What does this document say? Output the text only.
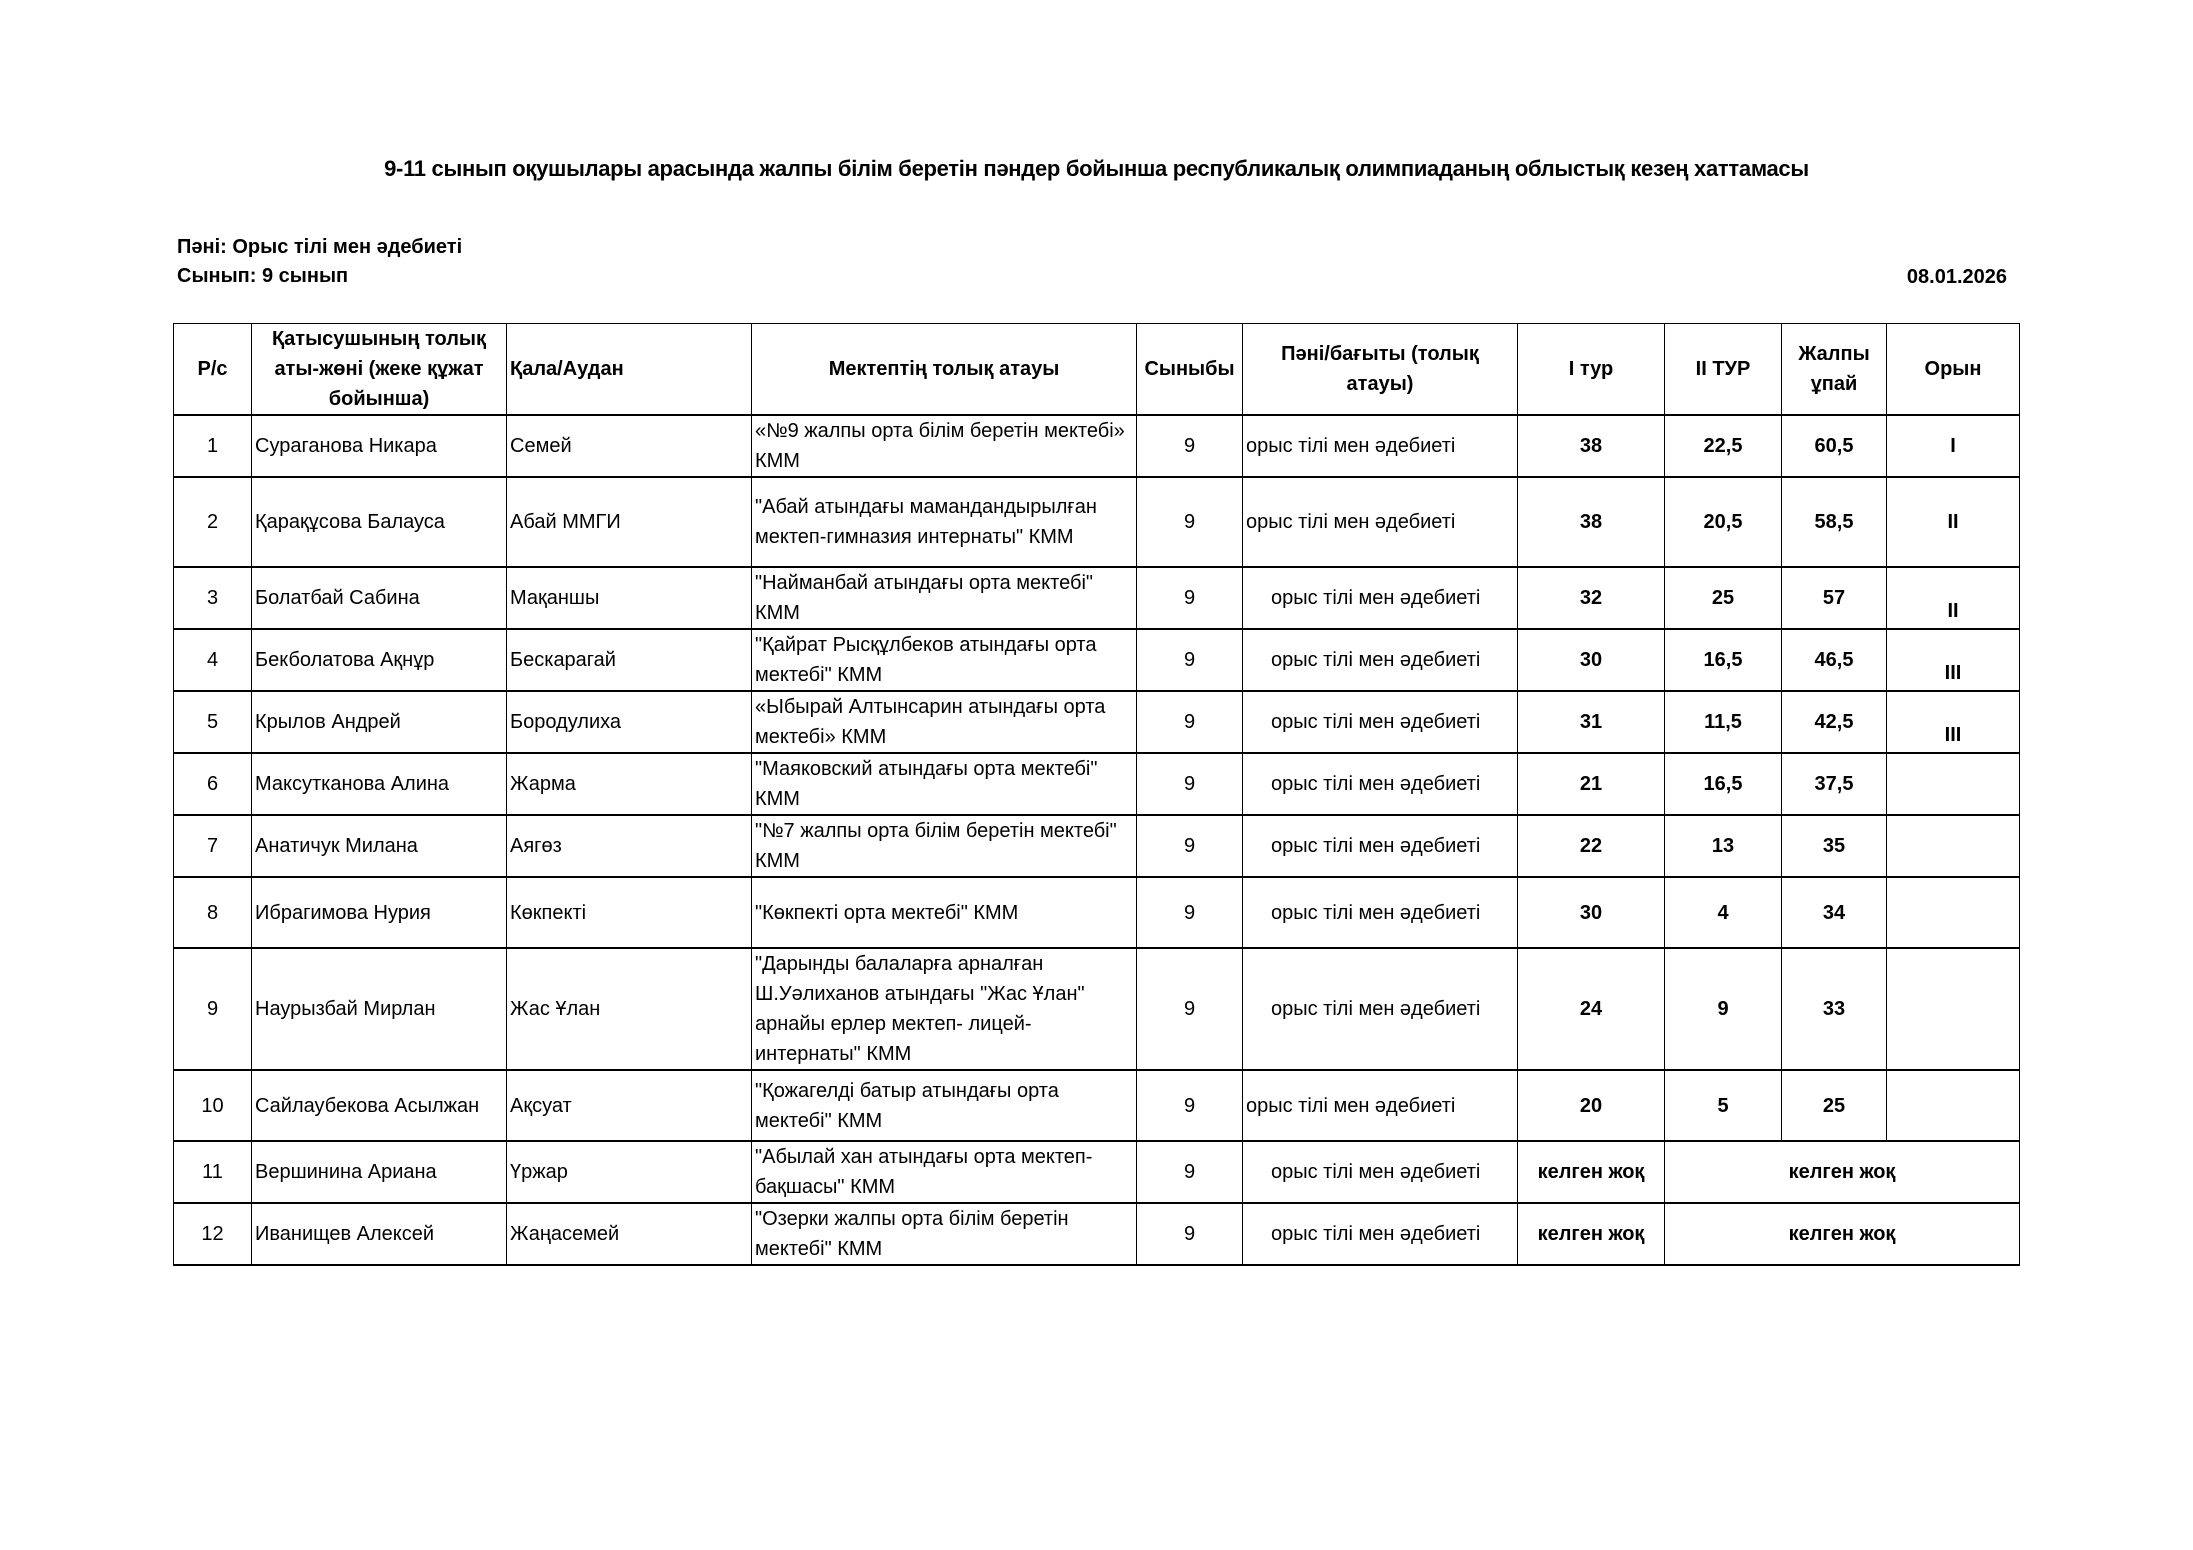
9-11 сынып оқушылары арасында жалпы білім беретін пәндер бойынша республикалық олимпиаданың облыстық кезең хаттамасы
Пәні: Орыс тілі мен әдебиеті
Сынып: 9 сынып	08.01.2026
Р/с	Қатысушының толық аты-жөні (жеке құжат бойынша)	Қала/Аудан	Мектептің толық атауы	Сыныбы	Пәні/бағыты (толық атауы)	I тур	II ТУР	Жалпы ұпай	Орын
1	Сураганова Никара	Семей	«№9 жалпы орта білім беретін мектебі» КММ	9	орыс тілі мен әдебиеті	38	22,5	60,5	I
2	Қарақұсова Балауса	Абай ММГИ	"Абай атындағы мамандандырылған мектеп-гимназия интернаты" КММ	9	орыс тілі мен әдебиеті	38	20,5	58,5	II
3	Болатбай Сабина	Мақаншы	"Найманбай атындағы орта мектебі" КММ	9	орыс тілі мен әдебиеті	32	25	57	II
4	Бекболатова Ақнұр	Бескарагай	"Қайрат Рысқұлбеков атындағы орта мектебі" КММ	9	орыс тілі мен әдебиеті	30	16,5	46,5	III
5	Крылов Андрей	Бородулиха	«Ыбырай Алтынсарин атындағы орта мектебі» КММ	9	орыс тілі мен әдебиеті	31	11,5	42,5	III
6	Максутканова Алина	Жарма	"Маяковский атындағы орта мектебі" КММ	9	орыс тілі мен әдебиеті	21	16,5	37,5	
7	Анатичук Милана	Аягөз	"№7 жалпы орта білім беретін мектебі" КММ	9	орыс тілі мен әдебиеті	22	13	35	
8	Ибрагимова Нурия	Көкпекті	"Көкпекті орта мектебі" КММ	9	орыс тілі мен әдебиеті	30	4	34	
9	Наурызбай Мирлан	Жас Ұлан	"Дарынды балаларға арналған Ш.Уәлиханов атындағы "Жас Ұлан" арнайы ерлер мектеп- лицей-интернаты" КММ	9	орыс тілі мен әдебиеті	24	9	33	
10	Сайлаубекова Асылжан	Ақсуат	"Қожагелді батыр атындағы орта мектебі" КММ	9	орыс тілі мен әдебиеті	20	5	25	
11	Вершинина Ариана	Үржар	"Абылай хан атындағы орта мектеп-бақшасы" КММ	9	орыс тілі мен әдебиеті	келген жоқ	келген жоқ		
12	Иванищев Алексей	Жаңасемей	"Озерки жалпы орта білім беретін мектебі" КММ	9	орыс тілі мен әдебиеті	келген жоқ	келген жоқ		
